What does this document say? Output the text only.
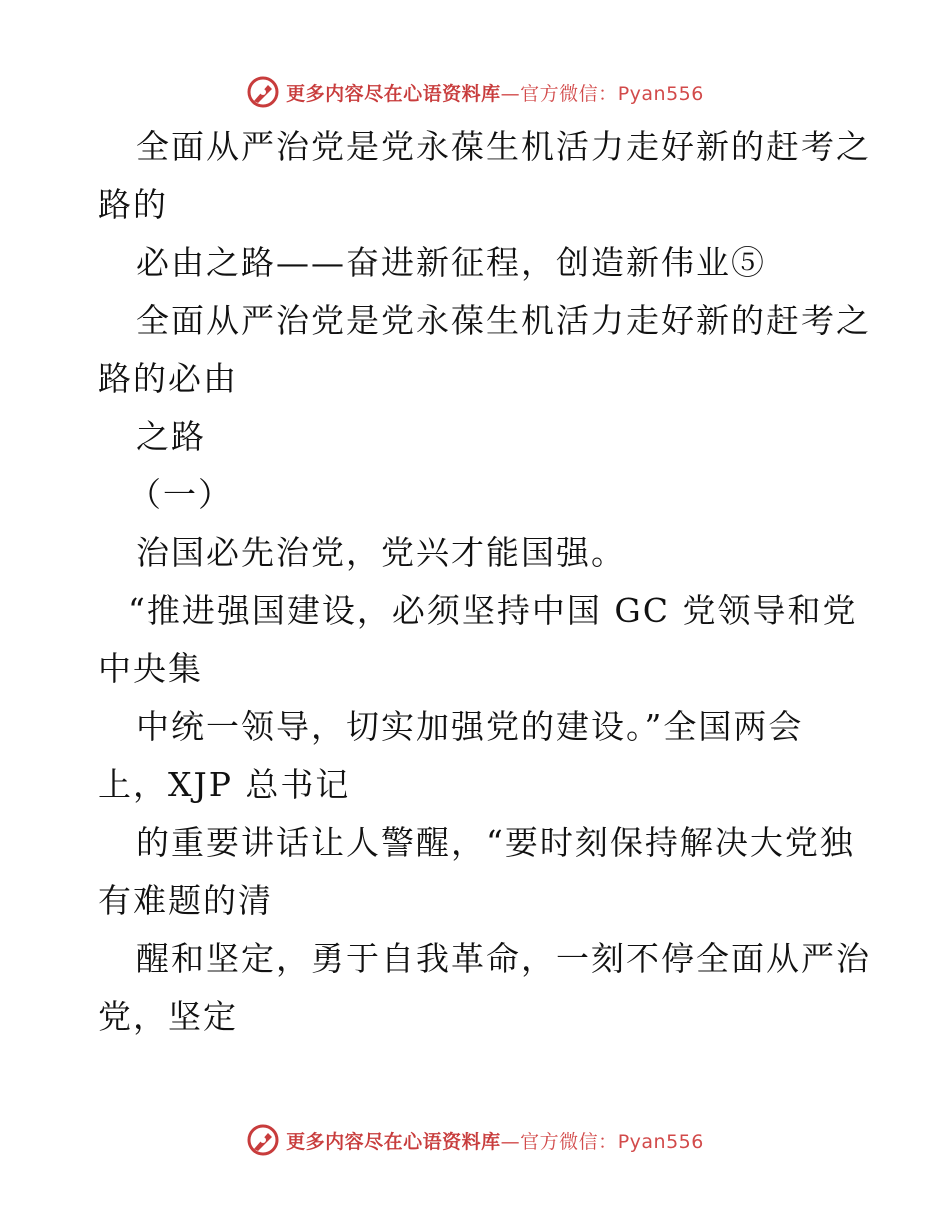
更多内容尽在心语资料库—官方微信：Pyan556
全面从严治党是党永葆生机活力走好新的赶考之
路的
必由之路——奋进新征程，创造新伟业⑤
全面从严治党是党永葆生机活力走好新的赶考之
路的必由
之路
（一）
治国必先治党，党兴才能国强。
“推进强国建设，必须坚持中国 GC 党领导和党
中央集
中统一领导，切实加强党的建设。”全国两会
上，XJP 总书记
的重要讲话让人警醒，“要时刻保持解决大党独
有难题的清
醒和坚定，勇于自我革命，一刻不停全面从严治
党，坚定
更多内容尽在心语资料库—官方微信：Pyan556
